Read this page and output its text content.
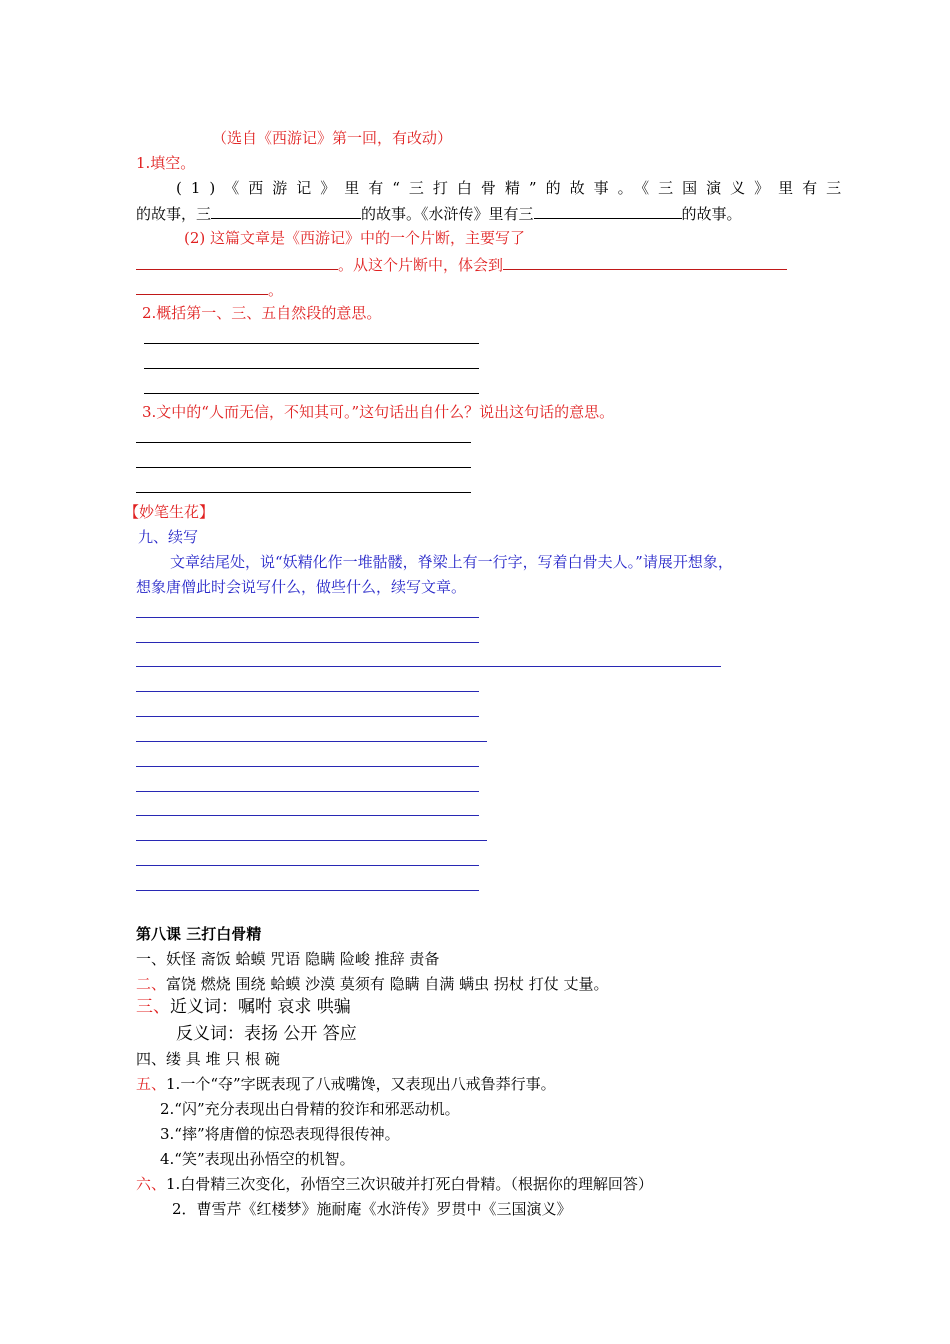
（选自《西游记》第一回，有改动）
1.填空。
(1)《西游记》里有“三打白骨精”的故事。《三国演义》里有三
的故事，三	的故事。《水浒传》里有三	的故事。
(2) 这篇文章是《西游记》中的一个片断，主要写了
。从这个片断中，体会到
。
2.概括第一、三、五自然段的意思。
3.文中的“人而无信，不知其可。”这句话出自什么？说出这句话的意思。
【妙笔生花】
九、续写
文章结尾处，说“妖精化作一堆骷髅，脊梁上有一行字，写着白骨夫人。”请展开想象，
想象唐僧此时会说写什么，做些什么，续写文章。
第八课 三打白骨精
一、妖怪 斋饭 蛤蟆 咒语 隐瞒 险峻 推辞 责备
二、富饶 燃烧 围绕 蛤蟆 沙漠 莫须有 隐瞒 自满 螨虫 拐杖 打仗 丈量。
三、近义词：嘱咐 哀求 哄骗
反义词：表扬 公开 答应
四、缕 具 堆 只 根 碗
五、1.一个“夺”字既表现了八戒嘴馋，又表现出八戒鲁莽行事。
2.“闪”充分表现出白骨精的狡诈和邪恶动机。
3.“摔”将唐僧的惊恐表现得很传神。
4.“笑”表现出孙悟空的机智。
六、1.白骨精三次变化，孙悟空三次识破并打死白骨精。（根据你的理解回答）
2．曹雪芹《红楼梦》施耐庵《水浒传》罗贯中《三国演义》
